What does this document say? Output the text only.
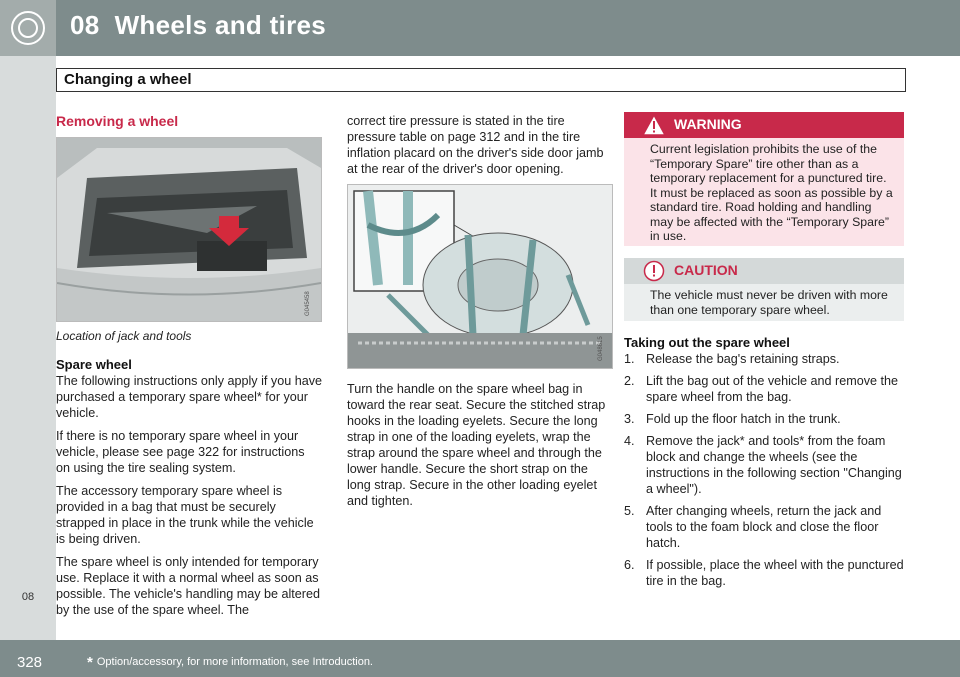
08 Wheels and tires
Changing a wheel
08
Removing a wheel
G045458
Location of jack and tools
Spare wheel

The following instructions only apply if you have purchased a temporary spare wheel* for your vehicle.

If there is no temporary spare wheel in your vehicle, please see page 322 for instructions on using the tire sealing system.

The accessory temporary spare wheel is provided in a bag that must be securely strapped in place in the trunk while the vehicle is being driven.

The spare wheel is only intended for temporary use. Replace it with a normal wheel as soon as possible. The vehicle's handling may be altered by the use of the spare wheel. The

correct tire pressure is stated in the tire pressure table on page 312 and in the tire inflation placard on the driver's side door jamb at the rear of the driver's door opening.

G048615

Turn the handle on the spare wheel bag in toward the rear seat. Secure the stitched strap hooks in the loading eyelets. Secure the long strap in one of the loading eyelets, wrap the strap around the spare wheel and through the lower handle. Secure the short strap on the long strap. Secure in the other loading eyelet and tighten.

WARNING
Current legislation prohibits the use of the “Temporary Spare” tire other than as a temporary replacement for a punctured tire. It must be replaced as soon as possible by a standard tire. Road holding and handling may be affected with the “Temporary Spare” in use.
CAUTION
The vehicle must never be driven with more than one temporary spare wheel.
Taking out the spare wheel
1. Release the bag's retaining straps.
2. Lift the bag out of the vehicle and remove the spare wheel from the bag.
3. Fold up the floor hatch in the trunk.
4. Remove the jack* and tools* from the foam block and change the wheels (see the instructions in the following section "Changing a wheel").
5. After changing wheels, return the jack and tools to the foam block and close the floor hatch.
6. If possible, place the wheel with the punctured tire in the bag.
328	* Option/accessory, for more information, see Introduction.
